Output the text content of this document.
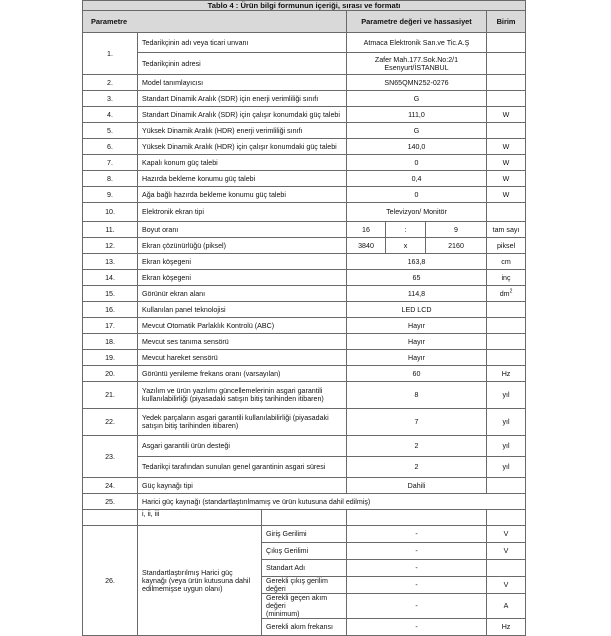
Tablo 4 : Ürün bilgi formunun içeriği, sırası ve formatı						
Parametre			Parametre değeri ve hassasiyet			Birim
1.	Tedarikçinin adı veya ticari unvanı		Atmaca Elektronik San.ve Tic.A.Ş			
	Tedarikçinin adresi		Zafer Mah.177.Sok.No:2/1
Esenyurt/İSTANBUL			

2.	Model tanımlayıcısı		SN65QMN252-0276			
3.	Standart Dinamik Aralık (SDR) için enerji verimliliği sınıfı		G			
4.	Standart Dinamik Aralık (SDR) için çalışır konumdaki güç talebi		111,0			W
5.	Yüksek Dinamik Aralık (HDR) enerji verimliliği sınıfı		G			
6.	Yüksek Dinamik Aralık (HDR) için çalışır konumdaki güç talebi		140,0			W
7.	Kapalı konum güç talebi		0			W
8.	Hazırda bekleme konumu güç talebi		0,4			W
9.	Ağa bağlı hazırda bekleme konumu güç talebi		0			W
10.	Elektronik ekran tipi		Televizyon/ Monitör			
11.	Boyut oranı		16	:	9	tam sayı
12.	Ekran çözünürlüğü (piksel)		3840	x	2160	piksel
13.	Ekran köşegeni		163,8			cm
14.	Ekran köşegeni		65			inç
15.	Görünür ekran alanı		114,8			$dm^2$
16.	Kullanılan panel teknolojisi		LED LCD			
17.	Mevcut Otomatik Parlaklık Kontrolü (ABC)		Hayır			
18.	Mevcut ses tanıma sensörü		Hayır			
19.	Mevcut hareket sensörü		Hayır			
20.	Görüntü yenileme frekans oranı (varsayılan)		60			Hz
21.	Yazılım ve ürün yazılımı güncellemelerinin asgari garantili
kullanılabilirliği (piyasadaki satışın bitiş tarihinden itibaren)		8			yıl
22.	Yedek parçaların asgari garantili kullanılabilirliği (piyasadaki
satışın bitiş tarihinden itibaren)		7			yıl
23.	Asgari garantili ürün desteği		2			yıl
	Tedarikçi tarafından sunulan genel garantinin asgari süresi		2			yıl
24.	Güç kaynağı tipi		Dahili			
25.	Harici güç kaynağı (standartlaştırılmamış ve ürün kutusuna dahil edilmiş)					
	i, ii, iii					
26.	Standartlaştırılmış Harici güç
kaynağı (veya ürün kutusuna dahil
edilmemişse uygun olanı)	Giriş Gerilimi	-			V
		Çıkış Gerilimi	-			V
		Standart Adı	-			
		Gerekli çıkış gerilim değeri	-			V

		Gerekli geçen akım değeri
(minimum)	-			A
		Gerekli akım frekansı	-			Hz
